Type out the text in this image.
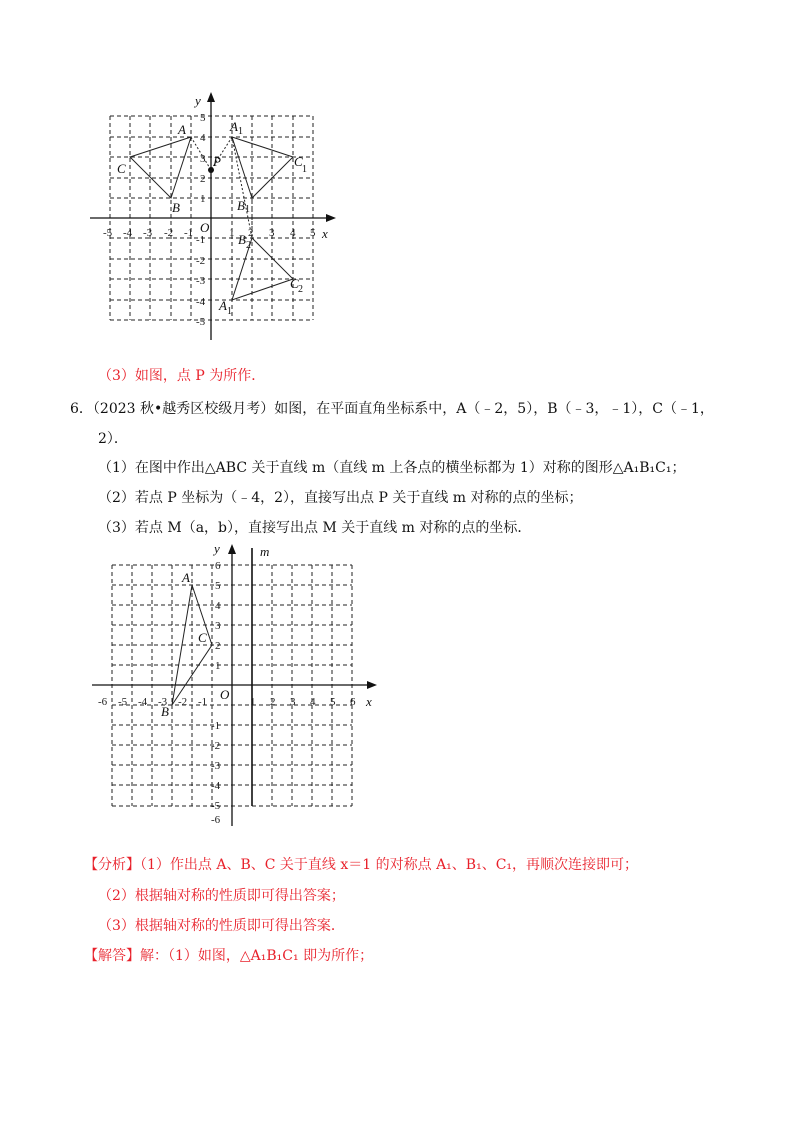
-5 -4 -3 -2 -1	1 2 3 4 5
5
4
3
2
1
-1
-2
-3
-4
-5
x
y
O
A
C
B
P
A
C
B
B
C
A
1
1
1
2
2
1
（3）如图，点 P 为所作．
6．（2023 秋•越秀区校级月考）如图，在平面直角坐标系中，A（﹣2，5），B（﹣3，﹣1），C（﹣1，
2）．
（1）在图中作出△ABC 关于直线 m（直线 m 上各点的横坐标都为 1）对称的图形△A₁B₁C₁；
（2）若点 P 坐标为（﹣4，2），直接写出点 P 关于直线 m 对称的点的坐标；
（3）若点 M（a，b），直接写出点 M 关于直线 m 对称的点的坐标．
-6 -5 -4 -3 -2 -1	1 2 3 4 5 6
6
5
4
3
2
1
-1
-2
-3
-4
-5
-6
x
y	m
O
A
C
B
【分析】（1）作出点 A、B、C 关于直线 x＝1 的对称点 A₁、B₁、C₁，再顺次连接即可；
（2）根据轴对称的性质即可得出答案；
（3）根据轴对称的性质即可得出答案．
【解答】解：（1）如图，△A₁B₁C₁ 即为所作；
